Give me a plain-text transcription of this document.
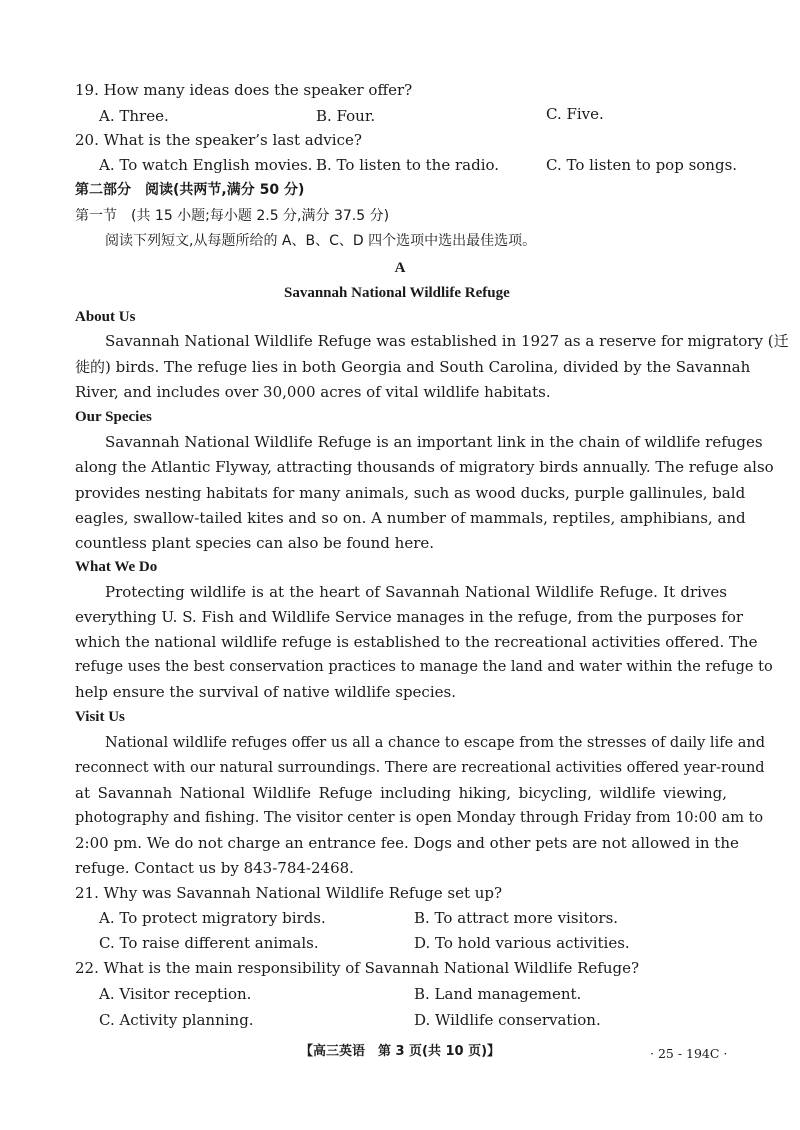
19. How many ideas does the speaker offer?
A. Three.	B. Four.	C. Five.
20. What is the speaker’s last advice?
A. To watch English movies. B. To listen to the radio.	C. To listen to pop songs.
第二部分　阅读(共两节,满分 50 分)
第一节　(共 15 小题;每小题 2.5 分,满分 37.5 分)
阅读下列短文,从每题所给的 A、B、C、D 四个选项中选出最佳选项。
A
Savannah National Wildlife Refuge
About Us
Savannah National Wildlife Refuge was established in 1927 as a reserve for migratory (迁
徙的) birds. The refuge lies in both Georgia and South Carolina, divided by the Savannah
River, and includes over 30,000 acres of vital wildlife habitats.
Our Species
Savannah National Wildlife Refuge is an important link in the chain of wildlife refuges
along the Atlantic Flyway, attracting thousands of migratory birds annually. The refuge also
provides nesting habitats for many animals, such as wood ducks, purple gallinules, bald
eagles, swallow-tailed kites and so on. A number of mammals, reptiles, amphibians, and
countless plant species can also be found here.
What We Do
Protecting wildlife is at the heart of Savannah National Wildlife Refuge. It drives
everything U. S. Fish and Wildlife Service manages in the refuge, from the purposes for
which the national wildlife refuge is established to the recreational activities offered. The
refuge uses the best conservation practices to manage the land and water within the refuge to
help ensure the survival of native wildlife species.
Visit Us
National wildlife refuges offer us all a chance to escape from the stresses of daily life and
reconnect with our natural surroundings. There are recreational activities offered year-round
at Savannah National Wildlife Refuge including hiking, bicycling, wildlife viewing,
photography and fishing. The visitor center is open Monday through Friday from 10:00 am to
2:00 pm. We do not charge an entrance fee. Dogs and other pets are not allowed in the
refuge. Contact us by 843-784-2468.
21. Why was Savannah National Wildlife Refuge set up?
A. To protect migratory birds.	B. To attract more visitors.
C. To raise different animals.	D. To hold various activities.
22. What is the main responsibility of Savannah National Wildlife Refuge?
A. Visitor reception.	B. Land management.
C. Activity planning.	D. Wildlife conservation.
【高三英语　第 3 页(共 10 页)】	· 25 - 194C ·
